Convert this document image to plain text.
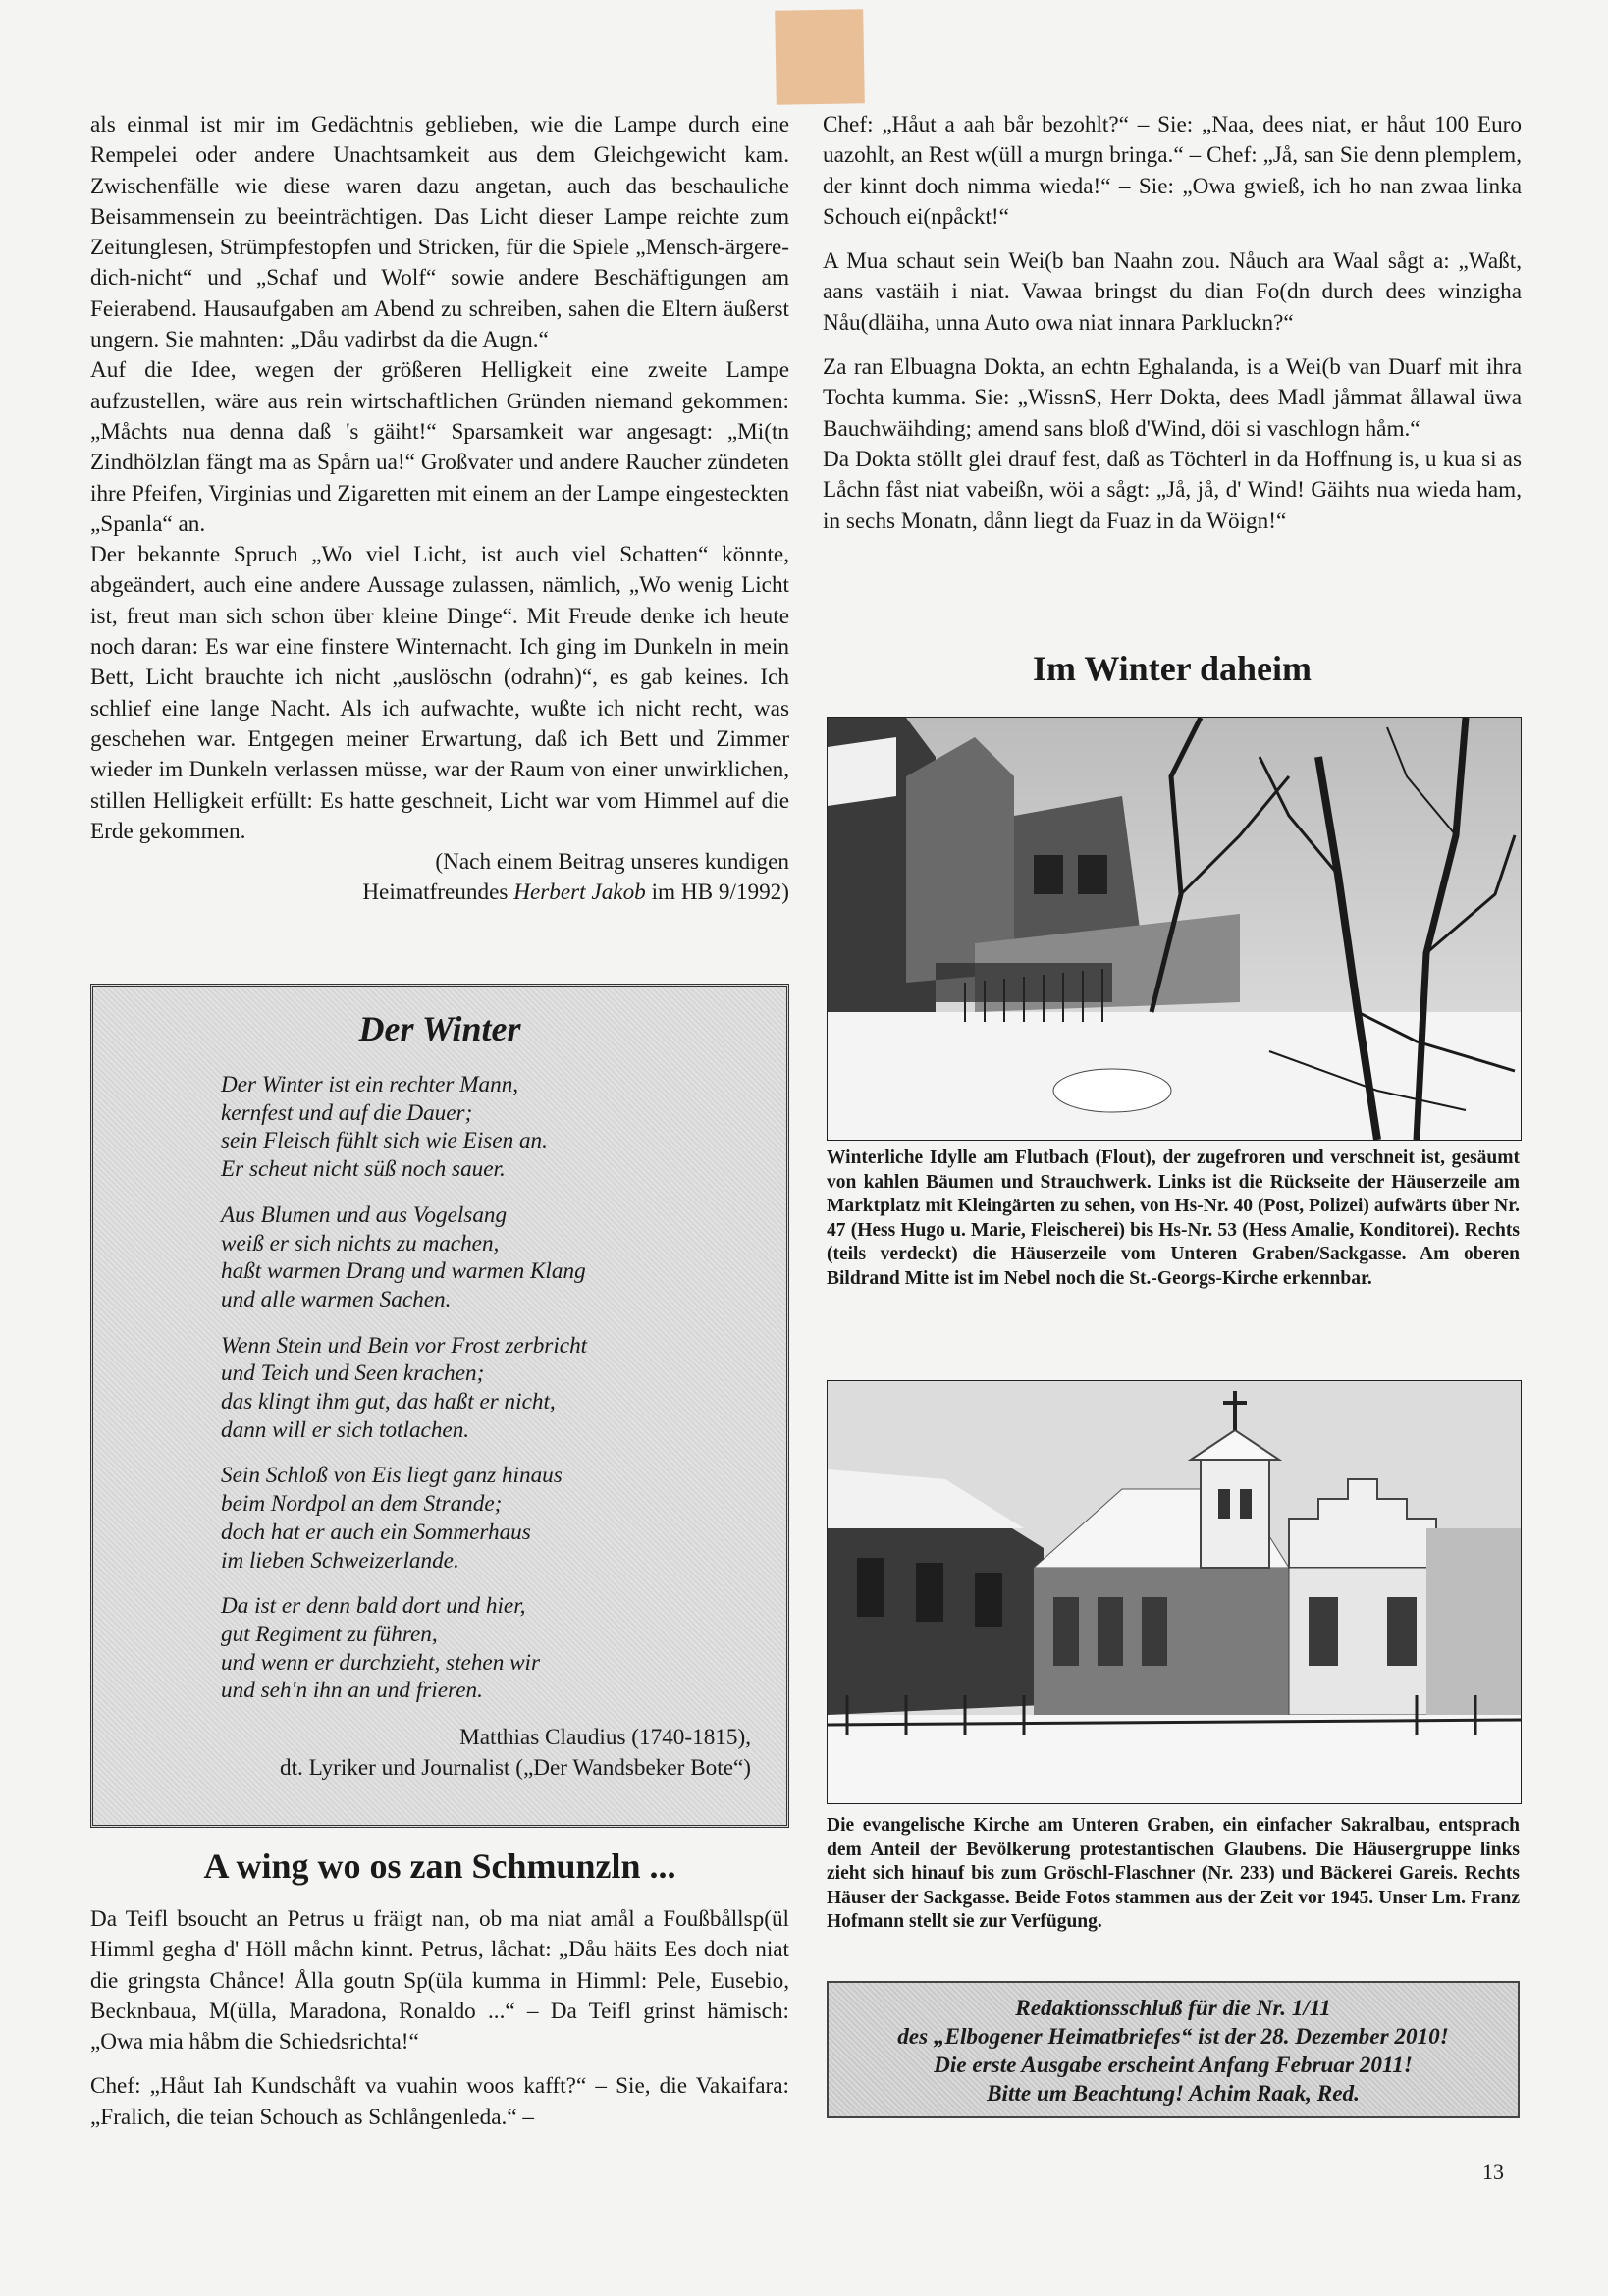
als einmal ist mir im Gedächtnis geblieben, wie die Lampe durch eine Rempelei oder andere Unachtsamkeit aus dem Gleichgewicht kam. Zwischenfälle wie diese waren dazu angetan, auch das beschauliche Beisammensein zu beeinträchtigen. Das Licht dieser Lampe reichte zum Zeitunglesen, Strümpfestopfen und Stricken, für die Spiele „Mensch-ärgere-dich-nicht“ und „Schaf und Wolf“ sowie andere Beschäftigungen am Feierabend. Hausaufgaben am Abend zu schreiben, sahen die Eltern äußerst ungern. Sie mahnten: „Dåu vadirbst da die Augn.“

Auf die Idee, wegen der größeren Helligkeit eine zweite Lampe aufzustellen, wäre aus rein wirtschaftlichen Gründen niemand gekommen: „Måchts nua denna daß 's gäiht!“ Sparsamkeit war angesagt: „Mi(tn Zindhölzlan fängt ma as Spårn ua!“ Großvater und andere Raucher zündeten ihre Pfeifen, Virginias und Zigaretten mit einem an der Lampe eingesteckten „Spanla“ an.

Der bekannte Spruch „Wo viel Licht, ist auch viel Schatten“ könnte, abgeändert, auch eine andere Aussage zulassen, nämlich, „Wo wenig Licht ist, freut man sich schon über kleine Dinge“. Mit Freude denke ich heute noch daran: Es war eine finstere Winternacht. Ich ging im Dunkeln in mein Bett, Licht brauchte ich nicht „auslöschn (odrahn)“, es gab keines. Ich schlief eine lange Nacht. Als ich aufwachte, wußte ich nicht recht, was geschehen war. Entgegen meiner Erwartung, daß ich Bett und Zimmer wieder im Dunkeln verlassen müsse, war der Raum von einer unwirklichen, stillen Helligkeit erfüllt: Es hatte geschneit, Licht war vom Himmel auf die Erde gekommen.

(Nach einem Beitrag unseres kundigen
Heimatfreundes Herbert Jakob im HB 9/1992)

Der Winter

Der Winter ist ein rechter Mann,

kernfest und auf die Dauer;

sein Fleisch fühlt sich wie Eisen an.

Er scheut nicht süß noch sauer.

Aus Blumen und aus Vogelsang

weiß er sich nichts zu machen,

haßt warmen Drang und warmen Klang

und alle warmen Sachen.

Wenn Stein und Bein vor Frost zerbricht

und Teich und Seen krachen;

das klingt ihm gut, das haßt er nicht,

dann will er sich totlachen.

Sein Schloß von Eis liegt ganz hinaus

beim Nordpol an dem Strande;

doch hat er auch ein Sommerhaus

im lieben Schweizerlande.

Da ist er denn bald dort und hier,

gut Regiment zu führen,

und wenn er durchzieht, stehen wir

und seh'n ihn an und frieren.

Matthias Claudius (1740-1815),
dt. Lyriker und Journalist („Der Wandsbeker Bote“)

A wing wo os zan Schmunzln ...

Da Teifl bsoucht an Petrus u fräigt nan, ob ma niat amål a Foußbållsp(ül Himml gegha d' Höll måchn kinnt. Petrus, låchat: „Dåu häits Ees doch niat die gringsta Chånce! Ålla goutn Sp(üla kumma in Himml: Pele, Eusebio, Becknbaua, M(ülla, Maradona, Ronaldo ...“ – Da Teifl grinst hämisch: „Owa mia håbm die Schiedsrichta!“

Chef: „Håut Iah Kundschåft va vuahin woos kafft?“ – Sie, die Vakaifara: „Fralich, die teian Schouch as Schlångenleda.“ –

Chef: „Håut a aah bår bezohlt?“ – Sie: „Naa, dees niat, er håut 100 Euro uazohlt, an Rest w(üll a murgn bringa.“ – Chef: „Jå, san Sie denn plemplem, der kinnt doch nimma wieda!“ – Sie: „Owa gwieß, ich ho nan zwaa linka Schouch ei(npåckt!“

A Mua schaut sein Wei(b ban Naahn zou. Nåuch ara Waal sågt a: „Waßt, aans vastäih i niat. Vawaa bringst du dian Fo(dn durch dees winzigha Nåu(dläiha, unna Auto owa niat innara Parkluckn?“

Za ran Elbuagna Dokta, an echtn Eghalanda, is a Wei(b van Duarf mit ihra Tochta kumma. Sie: „WissnS, Herr Dokta, dees Madl jåmmat ållawal üwa Bauchwäihding; amend sans bloß d'Wind, döi si vaschlogn håm.“

Da Dokta stöllt glei drauf fest, daß as Töchterl in da Hoffnung is, u kua si as Låchn fåst niat vabeißn, wöi a sågt: „Jå, jå, d' Wind! Gäihts nua wieda ham, in sechs Monatn, dånn liegt da Fuaz in da Wöign!“

Im Winter daheim

Winterliche Idylle am Flutbach (Flout), der zugefroren und verschneit ist, gesäumt von kahlen Bäumen und Strauchwerk. Links ist die Rückseite der Häuserzeile am Marktplatz mit Kleingärten zu sehen, von Hs-Nr. 40 (Post, Polizei) aufwärts über Nr. 47 (Hess Hugo u. Marie, Fleischerei) bis Hs-Nr. 53 (Hess Amalie, Konditorei). Rechts (teils verdeckt) die Häuserzeile vom Unteren Graben/Sackgasse. Am oberen Bildrand Mitte ist im Nebel noch die St.-Georgs-Kirche erkennbar.

Die evangelische Kirche am Unteren Graben, ein einfacher Sakralbau, entsprach dem Anteil der Bevölkerung protestantischen Glaubens. Die Häusergruppe links zieht sich hinauf bis zum Gröschl-Flaschner (Nr. 233) und Bäckerei Gareis. Rechts Häuser der Sackgasse. Beide Fotos stammen aus der Zeit vor 1945. Unser Lm. Franz Hofmann stellt sie zur Verfügung.

Redaktionsschluß für die Nr. 1/11

des „Elbogener Heimatbriefes“ ist der 28. Dezember 2010!

Die erste Ausgabe erscheint Anfang Februar 2011!

Bitte um Beachtung! Achim Raak, Red.

13
